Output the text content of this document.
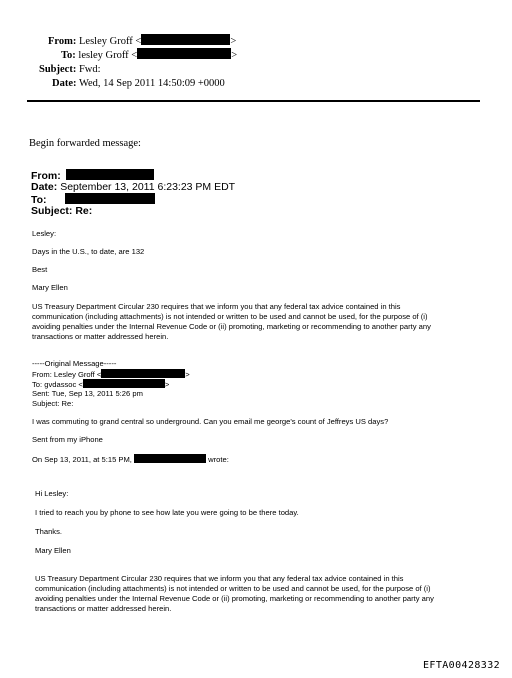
From: Lesley Groff <	>
To: lesley Groff <	>
Subject: Fwd:
Date: Wed, 14 Sep 2011 14:50:09 +0000
Begin forwarded message:
From:
Date: September 13, 2011 6:23:23 PM EDT
To:
Subject: Re:
Lesley:
Days in the U.S., to date, are 132
Best
Mary Ellen
US Treasury Department Circular 230 requires that we inform you that any federal tax advice contained in this
communication (including attachments) is not intended or written to be used and cannot be used, for the purpose of (i)
avoiding penalties under the Internal Revenue Code or (ii) promoting, marketing or recommending to another party any
transactions or matter addressed herein.
-----Original Message-----
From: Lesley Groff <	>
To: gvdassoc <	>
Sent: Tue, Sep 13, 2011 5:26 pm
Subject: Re:
I was commuting to grand central so underground. Can you email me george's count of Jeffreys US days?
Sent from my iPhone
On Sep 13, 2011, at 5:15 PM,	wrote:
Hi Lesley:
I tried to reach you by phone to see how late you were going to be there today.
Thanks.
Mary Ellen
US Treasury Department Circular 230 requires that we inform you that any federal tax advice contained in this
communication (including attachments) is not intended or written to be used and cannot be used, for the purpose of (i)
avoiding penalties under the Internal Revenue Code or (ii) promoting, marketing or recommending to another party any
transactions or matter addressed herein.
EFTA00428332
